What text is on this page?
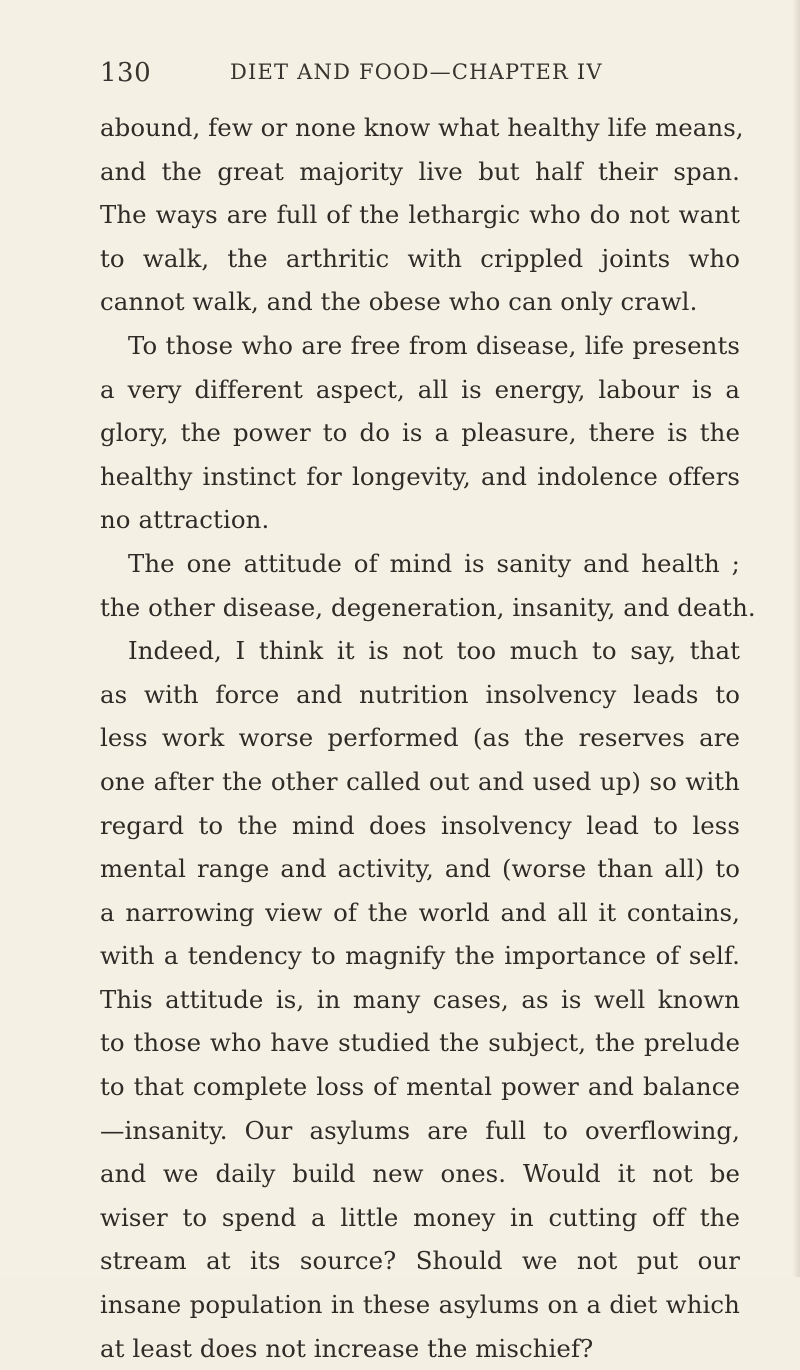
130	DIET AND FOOD—CHAPTER IV
abound, few or none know what healthy life means,
and the great majority live but half their span.
The ways are full of the lethargic who do not want
to walk, the arthritic with crippled joints who
cannot walk, and the obese who can only crawl.
To those who are free from disease, life presents
a very different aspect, all is energy, labour is a
glory, the power to do is a pleasure, there is the
healthy instinct for longevity, and indolence offers
no attraction.
The one attitude of mind is sanity and health ;
the other disease, degeneration, insanity, and death.
Indeed, I think it is not too much to say, that
as with force and nutrition insolvency leads to
less work worse performed (as the reserves are
one after the other called out and used up) so with
regard to the mind does insolvency lead to less
mental range and activity, and (worse than all) to
a narrowing view of the world and all it contains,
with a tendency to magnify the importance of self.
This attitude is, in many cases, as is well known
to those who have studied the subject, the prelude
to that complete loss of mental power and balance
—insanity. Our asylums are full to overflowing,
and we daily build new ones. Would it not be
wiser to spend a little money in cutting off the
stream at its source? Should we not put our
insane population in these asylums on a diet which
at least does not increase the mischief?
